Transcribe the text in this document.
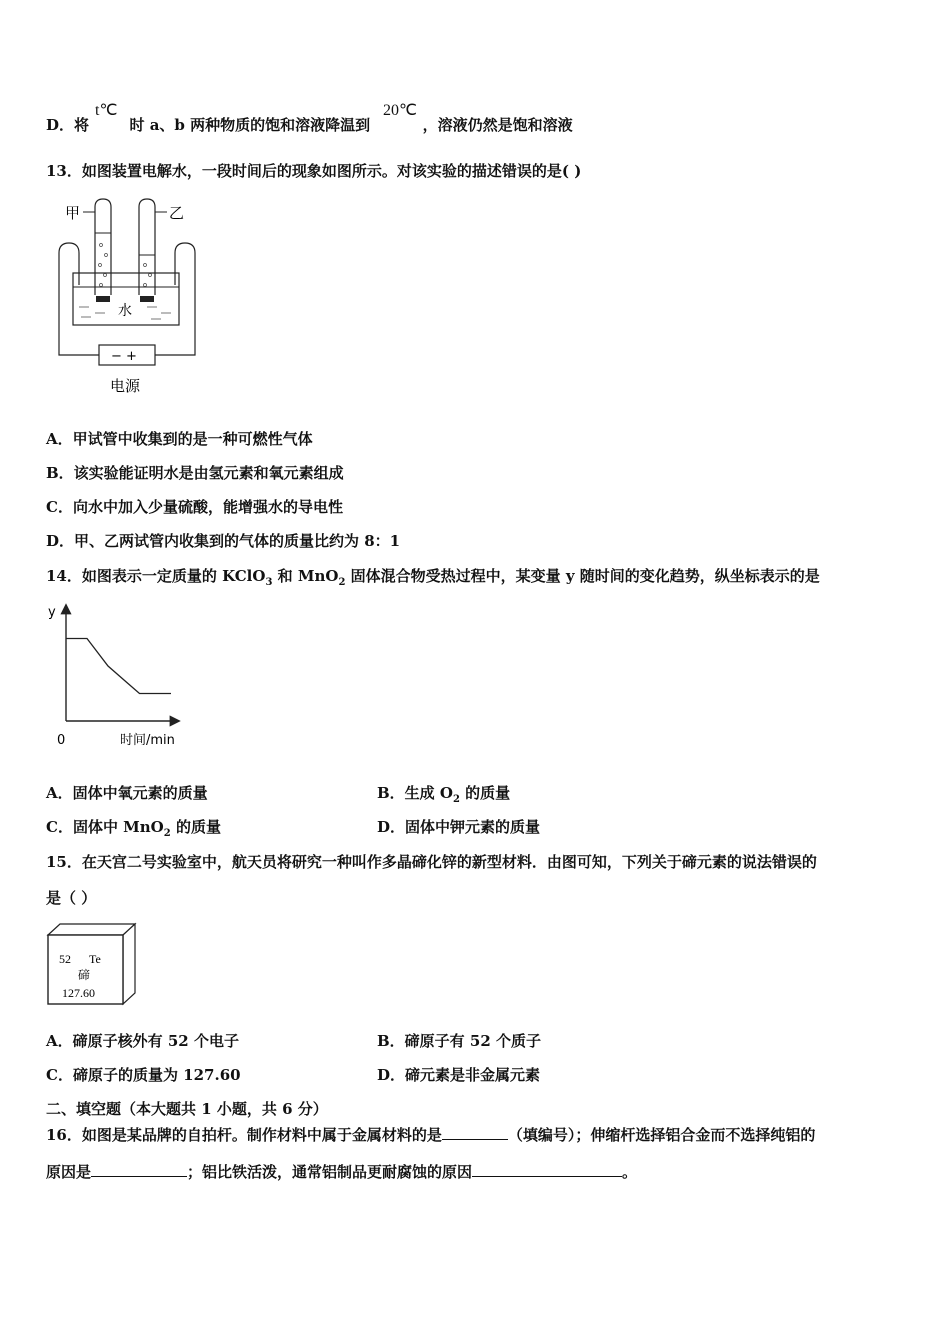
D．将	时 a、b 两种物质的饱和溶液降温到	，溶液仍然是饱和溶液
t℃	20℃
13．如图装置电解水，一段时间后的现象如图所示。对该实验的描述错误的是( )
甲	乙
水
− +
电源
A．甲试管中收集到的是一种可燃性气体
B．该实验能证明水是由氢元素和氧元素组成
C．向水中加入少量硫酸，能增强水的导电性
D．甲、乙两试管内收集到的气体的质量比约为 8：1
14．如图表示一定质量的 KClO$_3$ 和 MnO$_2$ 固体混合物受热过程中，某变量 y 随时间的变化趋势，纵坐标表示的是
y
0	时间/min
A．固体中氧元素的质量	B．生成 $O_2$ 的质量
C．固体中 MnO$_2$ 的质量	D．固体中钾元素的质量
15．在天宫二号实验室中，航天员将研究一种叫作多晶碲化锌的新型材料．由图可知，下列关于碲元素的说法错误的
是（ ）
52 Te
碲
127.60
A．碲原子核外有 52 个电子	B．碲原子有 52 个质子
C．碲原子的质量为 127.60	D．碲元素是非金属元素
二、填空题（本大题共 1 小题，共 6 分）
16．如图是某品牌的自拍杆。制作材料中属于金属材料的是	（填编号）；伸缩杆选择铝合金而不选择纯铝的
原因是	；铝比铁活泼，通常铝制品更耐腐蚀的原因	。
